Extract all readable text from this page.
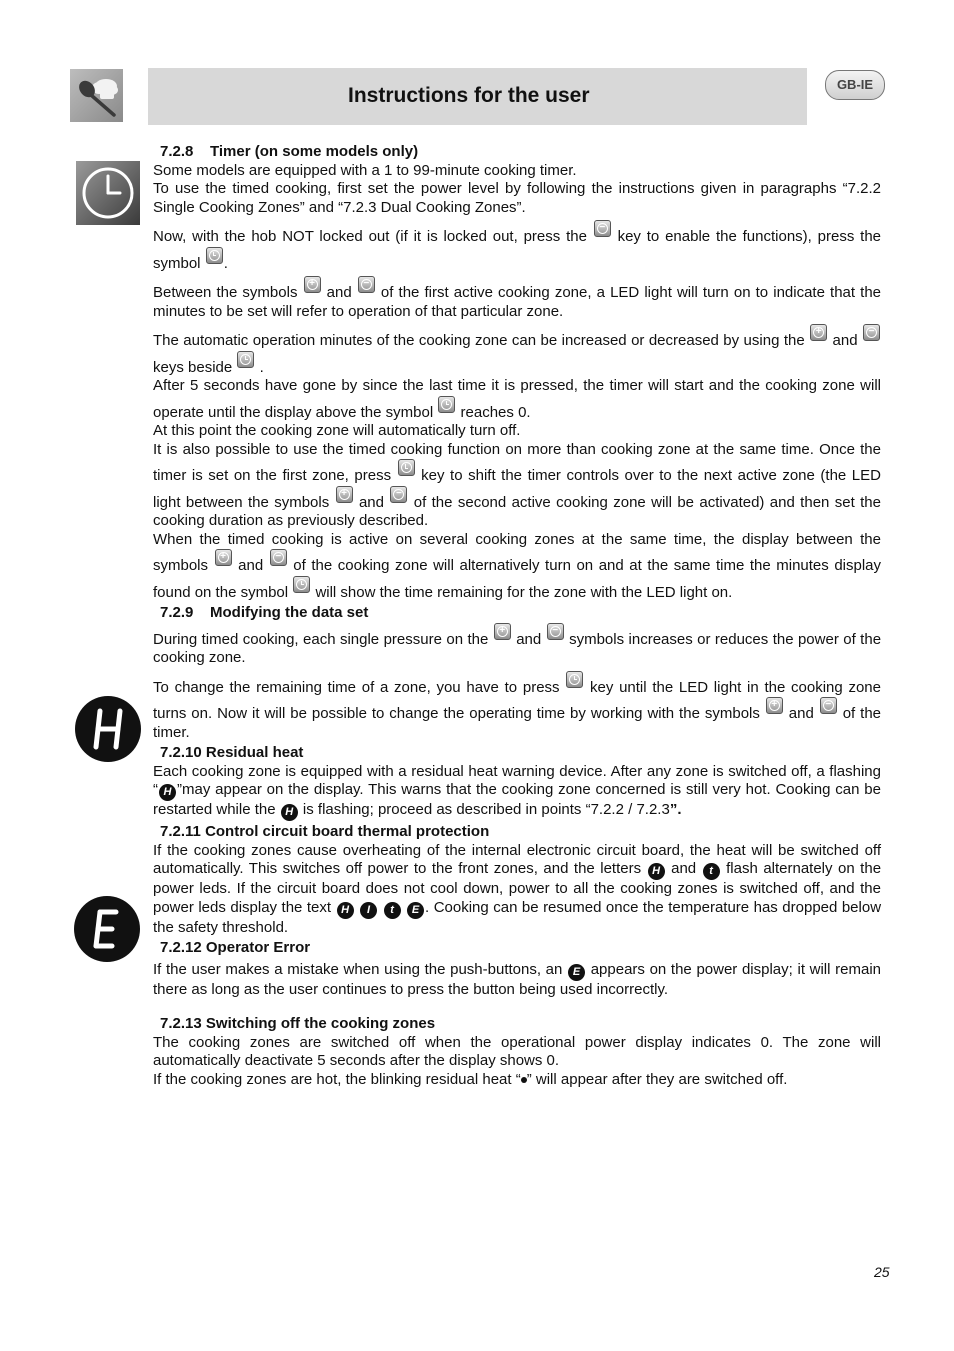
Instructions for the user	GB-IE
7.2.8 Timer (on some models only)

Some models are equipped with a 1 to 99-minute cooking timer.

To use the timed cooking, first set the power level by following the instructions given in paragraphs “7.2.2 Single Cooking Zones” and “7.2.3 Dual Cooking Zones”.

Now, with the hob NOT locked out (if it is locked out, press the
−
key to enable the functions), press the symbol .

Between the symbols
+
and
−
of the first active cooking zone, a LED light will turn on to indicate that the minutes to be set will refer to operation of that particular zone.

The automatic operation minutes of the cooking zone can be increased or decreased by using the
+
and
−
keys beside .

After 5 seconds have gone by since the last time it is pressed, the timer will start and the cooking zone will operate until the display above the symbol reaches 0.

At this point the cooking zone will automatically turn off.

It is also possible to use the timed cooking function on more than cooking zone at the same time. Once the timer is set on the first zone, press key to shift the timer controls over to the next active zone (the LED light between the symbols
+
and
−
of the second active cooking zone will be activated) and then set the cooking duration as previously described.

When the timed cooking is active on several cooking zones at the same time, the display between the symbols
+
and
−
of the cooking zone will alternatively turn on and at the same time the minutes display found on the symbol will show the time remaining for the zone with the LED light on.

7.2.9 Modifying the data set

During timed cooking, each single pressure on the
+
and
−
symbols increases or reduces the power of the cooking zone.

To change the remaining time of a zone, you have to press key until the LED light in the cooking zone turns on. Now it will be possible to change the operating time by working with the symbols
+
and
−
of the timer.

7.2.10 Residual heat

Each cooking zone is equipped with a residual heat warning device. After any zone is switched off, a flashing “ H ”may appear on the display. This warns that the cooking zone concerned is still very hot. Cooking can be restarted while the H is flashing; proceed as described in points “7.2.2 / 7.2.3”.

7.2.11 Control circuit board thermal protection

If the cooking zones cause overheating of the internal electronic circuit board, the heat will be switched off automatically. This switches off power to the front zones, and the letters H and t flash alternately on the power leds. If the circuit board does not cool down, power to all the cooking zones is switched off, and the power leds display the text H I t E . Cooking can be resumed once the temperature has dropped below the safety threshold.

7.2.12 Operator Error

If the user makes a mistake when using the push-buttons, an E appears on the power display; it will remain there as long as the user continues to press the button being used incorrectly.

7.2.13 Switching off the cooking zones

The cooking zones are switched off when the operational power display indicates 0. The zone will automatically deactivate 5 seconds after the display shows 0.

If the cooking zones are hot, the blinking residual heat “ ” will appear after they are switched off.

25
